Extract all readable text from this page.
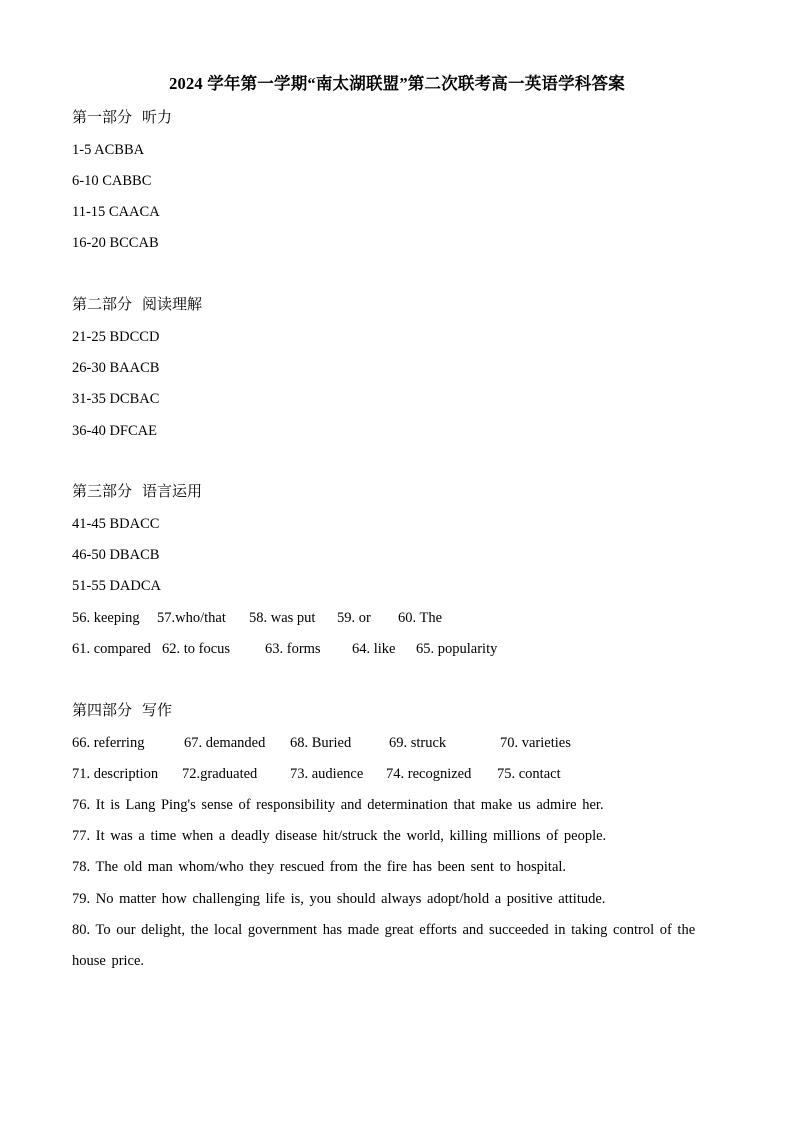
2024 学年第一学期“南太湖联盟”第二次联考高一英语学科答案
第一部分 听力
1-5 ACBBA
6-10 CABBC
11-15 CAACA
16-20 BCCAB
第二部分 阅读理解
21-25 BDCCD
26-30 BAACB
31-35 DCBAC
36-40 DFCAE
第三部分 语言运用
41-45 BDACC
46-50 DBACB
51-55 DADCA
56. keeping 57.who/that 58. was put 59. or 60. The
61. compared 62. to focus 63. forms 64. like 65. popularity
第四部分 写作
66. referring	67. demanded 68. Buried	69. struck	70. varieties
71. description 72.graduated 73. audience 74. recognized 75. contact
76. It is Lang Ping's sense of responsibility and determination that make us admire her.
77. It was a time when a deadly disease hit/struck the world, killing millions of people.
78. The old man whom/who they rescued from the fire has been sent to hospital.
79. No matter how challenging life is, you should always adopt/hold a positive attitude.
80. To our delight, the local government has made great efforts and succeeded in taking control of the
house price.
